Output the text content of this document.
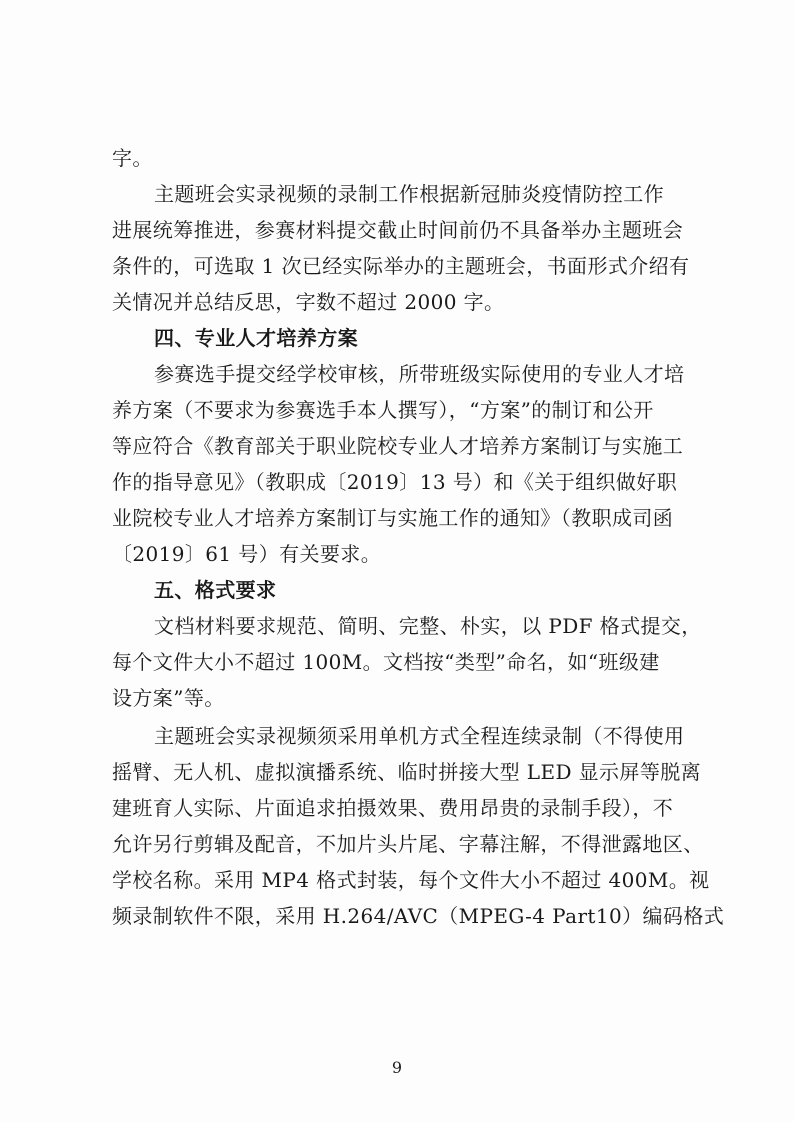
字。
主题班会实录视频的录制工作根据新冠肺炎疫情防控工作
进展统筹推进，参赛材料提交截止时间前仍不具备举办主题班会
条件的，可选取 1 次已经实际举办的主题班会，书面形式介绍有
关情况并总结反思，字数不超过 2000 字。
四、专业人才培养方案
参赛选手提交经学校审核，所带班级实际使用的专业人才培
养方案（不要求为参赛选手本人撰写），“方案”的制订和公开
等应符合《教育部关于职业院校专业人才培养方案制订与实施工
作的指导意见》（教职成〔2019〕13 号）和《关于组织做好职
业院校专业人才培养方案制订与实施工作的通知》（教职成司函
〔2019〕61 号）有关要求。
五、格式要求
文档材料要求规范、简明、完整、朴实，以 PDF 格式提交，
每个文件大小不超过 100M。文档按“类型”命名，如“班级建
设方案”等。
主题班会实录视频须采用单机方式全程连续录制（不得使用
摇臂、无人机、虚拟演播系统、临时拼接大型 LED 显示屏等脱离
建班育人实际、片面追求拍摄效果、费用昂贵的录制手段），不
允许另行剪辑及配音，不加片头片尾、字幕注解，不得泄露地区、
学校名称。采用 MP4 格式封装，每个文件大小不超过 400M。视
频录制软件不限，采用 H.264/AVC（MPEG-4 Part10）编码格式
9
